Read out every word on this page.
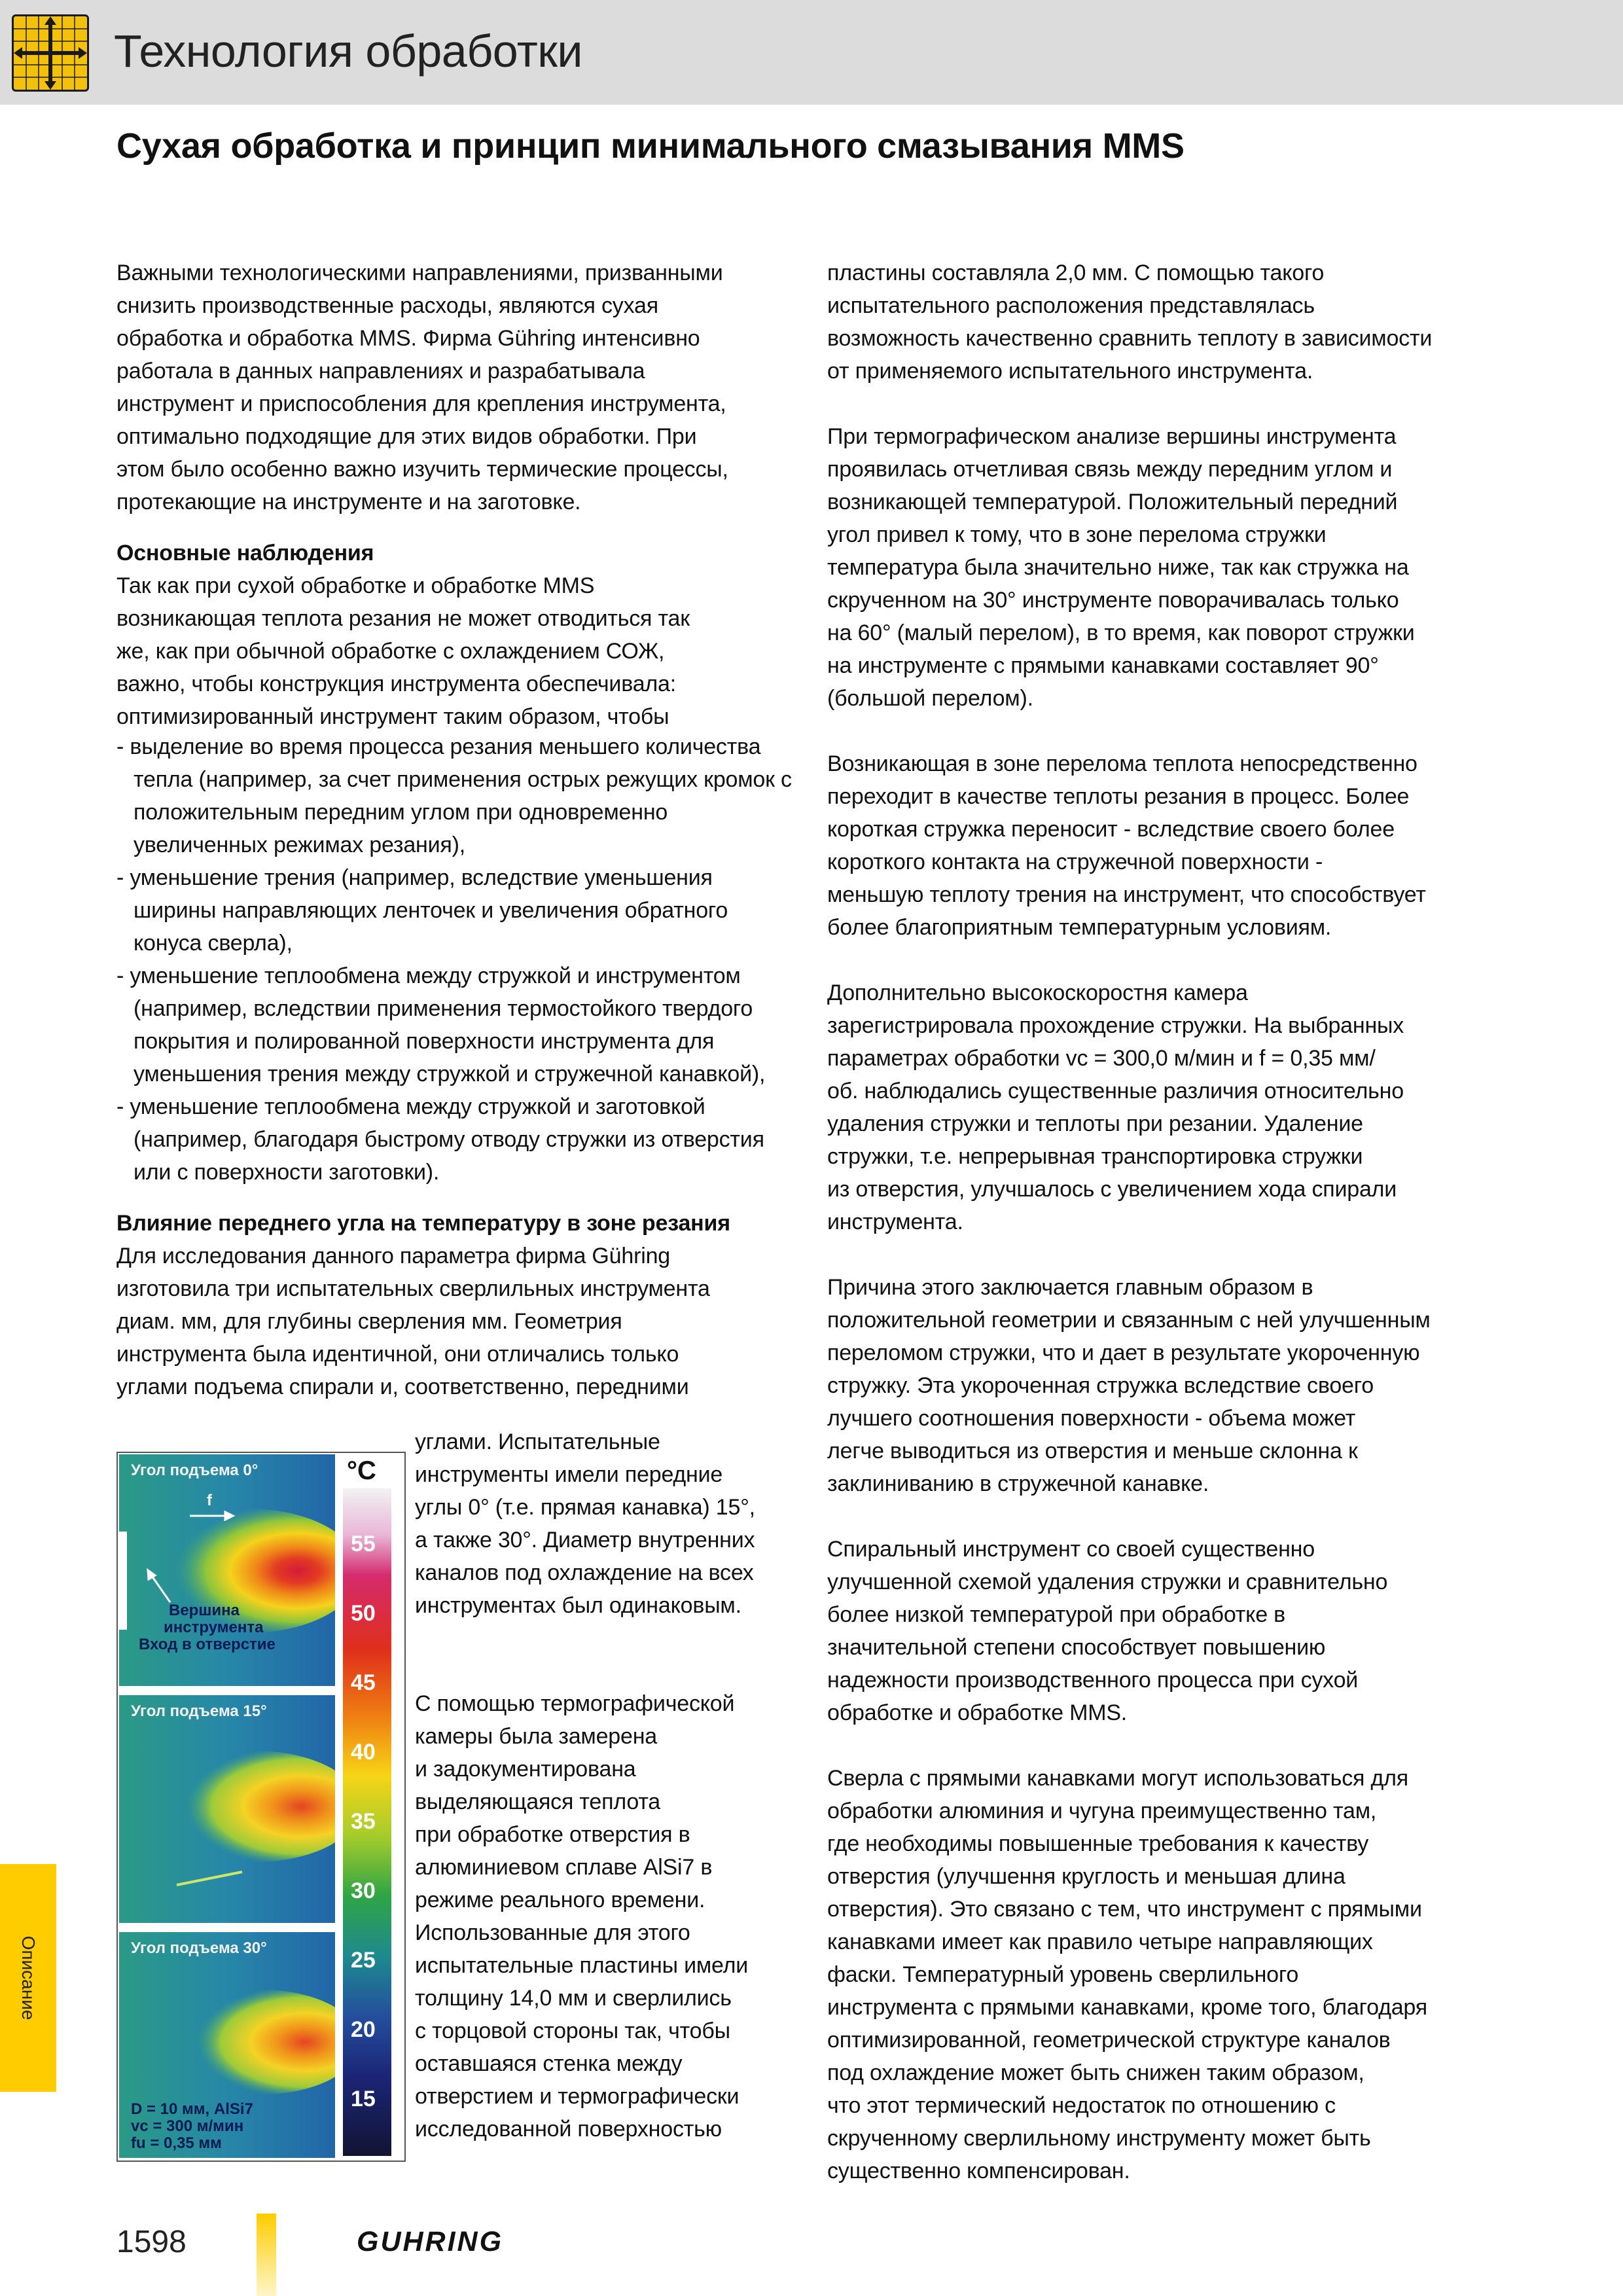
Технология обработки
Сухая обработка и принцип минимального смазывания MMS

Важными технологическими направлениями, призванными

снизить производственные расходы, являются сухая

обработка и обработка MMS. Фирма Gühring интенсивно

работала в данных направлениях и разрабатывала

инструмент и приспособления для крепления инструмента,

оптимально подходящие для этих видов обработки. При

этом было особенно важно изучить термические процессы,

протекающие на инструменте и на заготовке.

Основные наблюдения

Так как при сухой обработке и обработке MMS

возникающая теплота резания не может отводиться так

же, как при обычной обработке с охлаждением СОЖ,

важно, чтобы конструкция инструмента обеспечивала:

оптимизированный инструмент таким образом, чтобы

- выделение во время процесса резания меньшего количества тепла (например, за счет применения острых режущих кромок с положительным передним углом при одновременно увеличенных режимах резания),

- уменьшение трения (например, вследствие уменьшения ширины направляющих ленточек и увеличения обратного конуса сверла),

- уменьшение теплообмена между стружкой и инструментом (например, вследствии применения термостойкого твердого покрытия и полированной поверхности инструмента для уменьшения трения между стружкой и стружечной канавкой),

- уменьшение теплообмена между стружкой и заготовкой (например, благодаря быстрому отводу стружки из отверстия или с поверхности заготовки).

Влияние переднего угла на температуру в зоне резания

Для исследования данного параметра фирма Gühring

изготовила три испытательных сверлильных инструмента

диам. мм, для глубины сверления мм. Геометрия

инструмента была идентичной, они отличались только

углами подъема спирали и, соответственно, передними

углами. Испытательные

инструменты имели передние

углы 0° (т.е. прямая канавка) 15°,

а также 30°. Диаметр внутренних

каналов под охлаждение на всех

инструментах был одинаковым.

С помощью термографической

камеры была замерена

и задокументирована

выделяющаяся теплота

при обработке отверстия в

алюминиевом сплаве AlSi7 в

режиме реального времени.

Использованные для этого

испытательные пластины имели

толщину 14,0 мм и сверлились

с торцовой стороны так, чтобы

оставшаяся стенка между

отверстием и термографически

исследованной поверхностью

пластины составляла 2,0 мм. С помощью такого

испытательного расположения представлялась

возможность качественно сравнить теплоту в зависимости

от применяемого испытательного инструмента.

При термографическом анализе вершины инструмента

проявилась отчетливая связь между передним углом и

возникающей температурой. Положительный передний

угол привел к тому, что в зоне перелома стружки

температура была значительно ниже, так как стружка на

скрученном на 30° инструменте поворачивалась только

на 60° (малый перелом), в то время, как поворот стружки

на инструменте с прямыми канавками составляет 90°

(большой перелом).

Возникающая в зоне перелома теплота непосредственно

переходит в качестве теплоты резания в процесс. Более

короткая стружка переносит - вследствие своего более

короткого контакта на стружечной поверхности -

меньшую теплоту трения на инструмент, что способствует

более благоприятным температурным условиям.

Дополнительно высокоскоростня камера

зарегистрировала прохождение стружки. На выбранных

параметрах обработки vc = 300,0 м/мин и f = 0,35 мм/

об. наблюдались существенные различия относительно

удаления стружки и теплоты при резании. Удаление

стружки, т.е. непрерывная транспортировка стружки

из отверстия, улучшалось с увеличением хода спирали

инструмента.

Причина этого заключается главным образом в

положительной геометрии и связанным с ней улучшенным

переломом стружки, что и дает в результате укороченную

стружку. Эта укороченная стружка вследствие своего

лучшего соотношения поверхности - объема может

легче выводиться из отверстия и меньше склонна к

заклиниванию в стружечной канавке.

Спиральный инструмент со своей существенно

улучшенной схемой удаления стружки и сравнительно

более низкой температурой при обработке в

значительной степени способствует повышению

надежности производственного процесса при сухой

обработке и обработке MMS.

Сверла с прямыми канавками могут использоваться для

обработки алюминия и чугуна преимущественно там,

где необходимы повышенные требования к качеству

отверстия (улучшення круглость и меньшая длина

отверстия). Это связано с тем, что инструмент с прямыми

канавками имеет как правило четыре направляющих

фаски. Температурный уровень сверлильного

инструмента с прямыми канавками, кроме того, благодаря

оптимизированной, геометрической структуре каналов

под охлаждение может быть снижен таким образом,

что этот термический недостаток по отношению с

скрученному сверлильному инструменту может быть

существенно компенсирован.

Угол подъема 0°
f
Вершина
инструмента
Вход в отверстие
Угол подъема 15°
Угол подъема 30°
D = 10 мм, AlSi7
vc = 300 м/мин
fu = 0,35 мм
°C
55
50
45
40
35
30
25
20
15
Описание
1598	GUHRING
